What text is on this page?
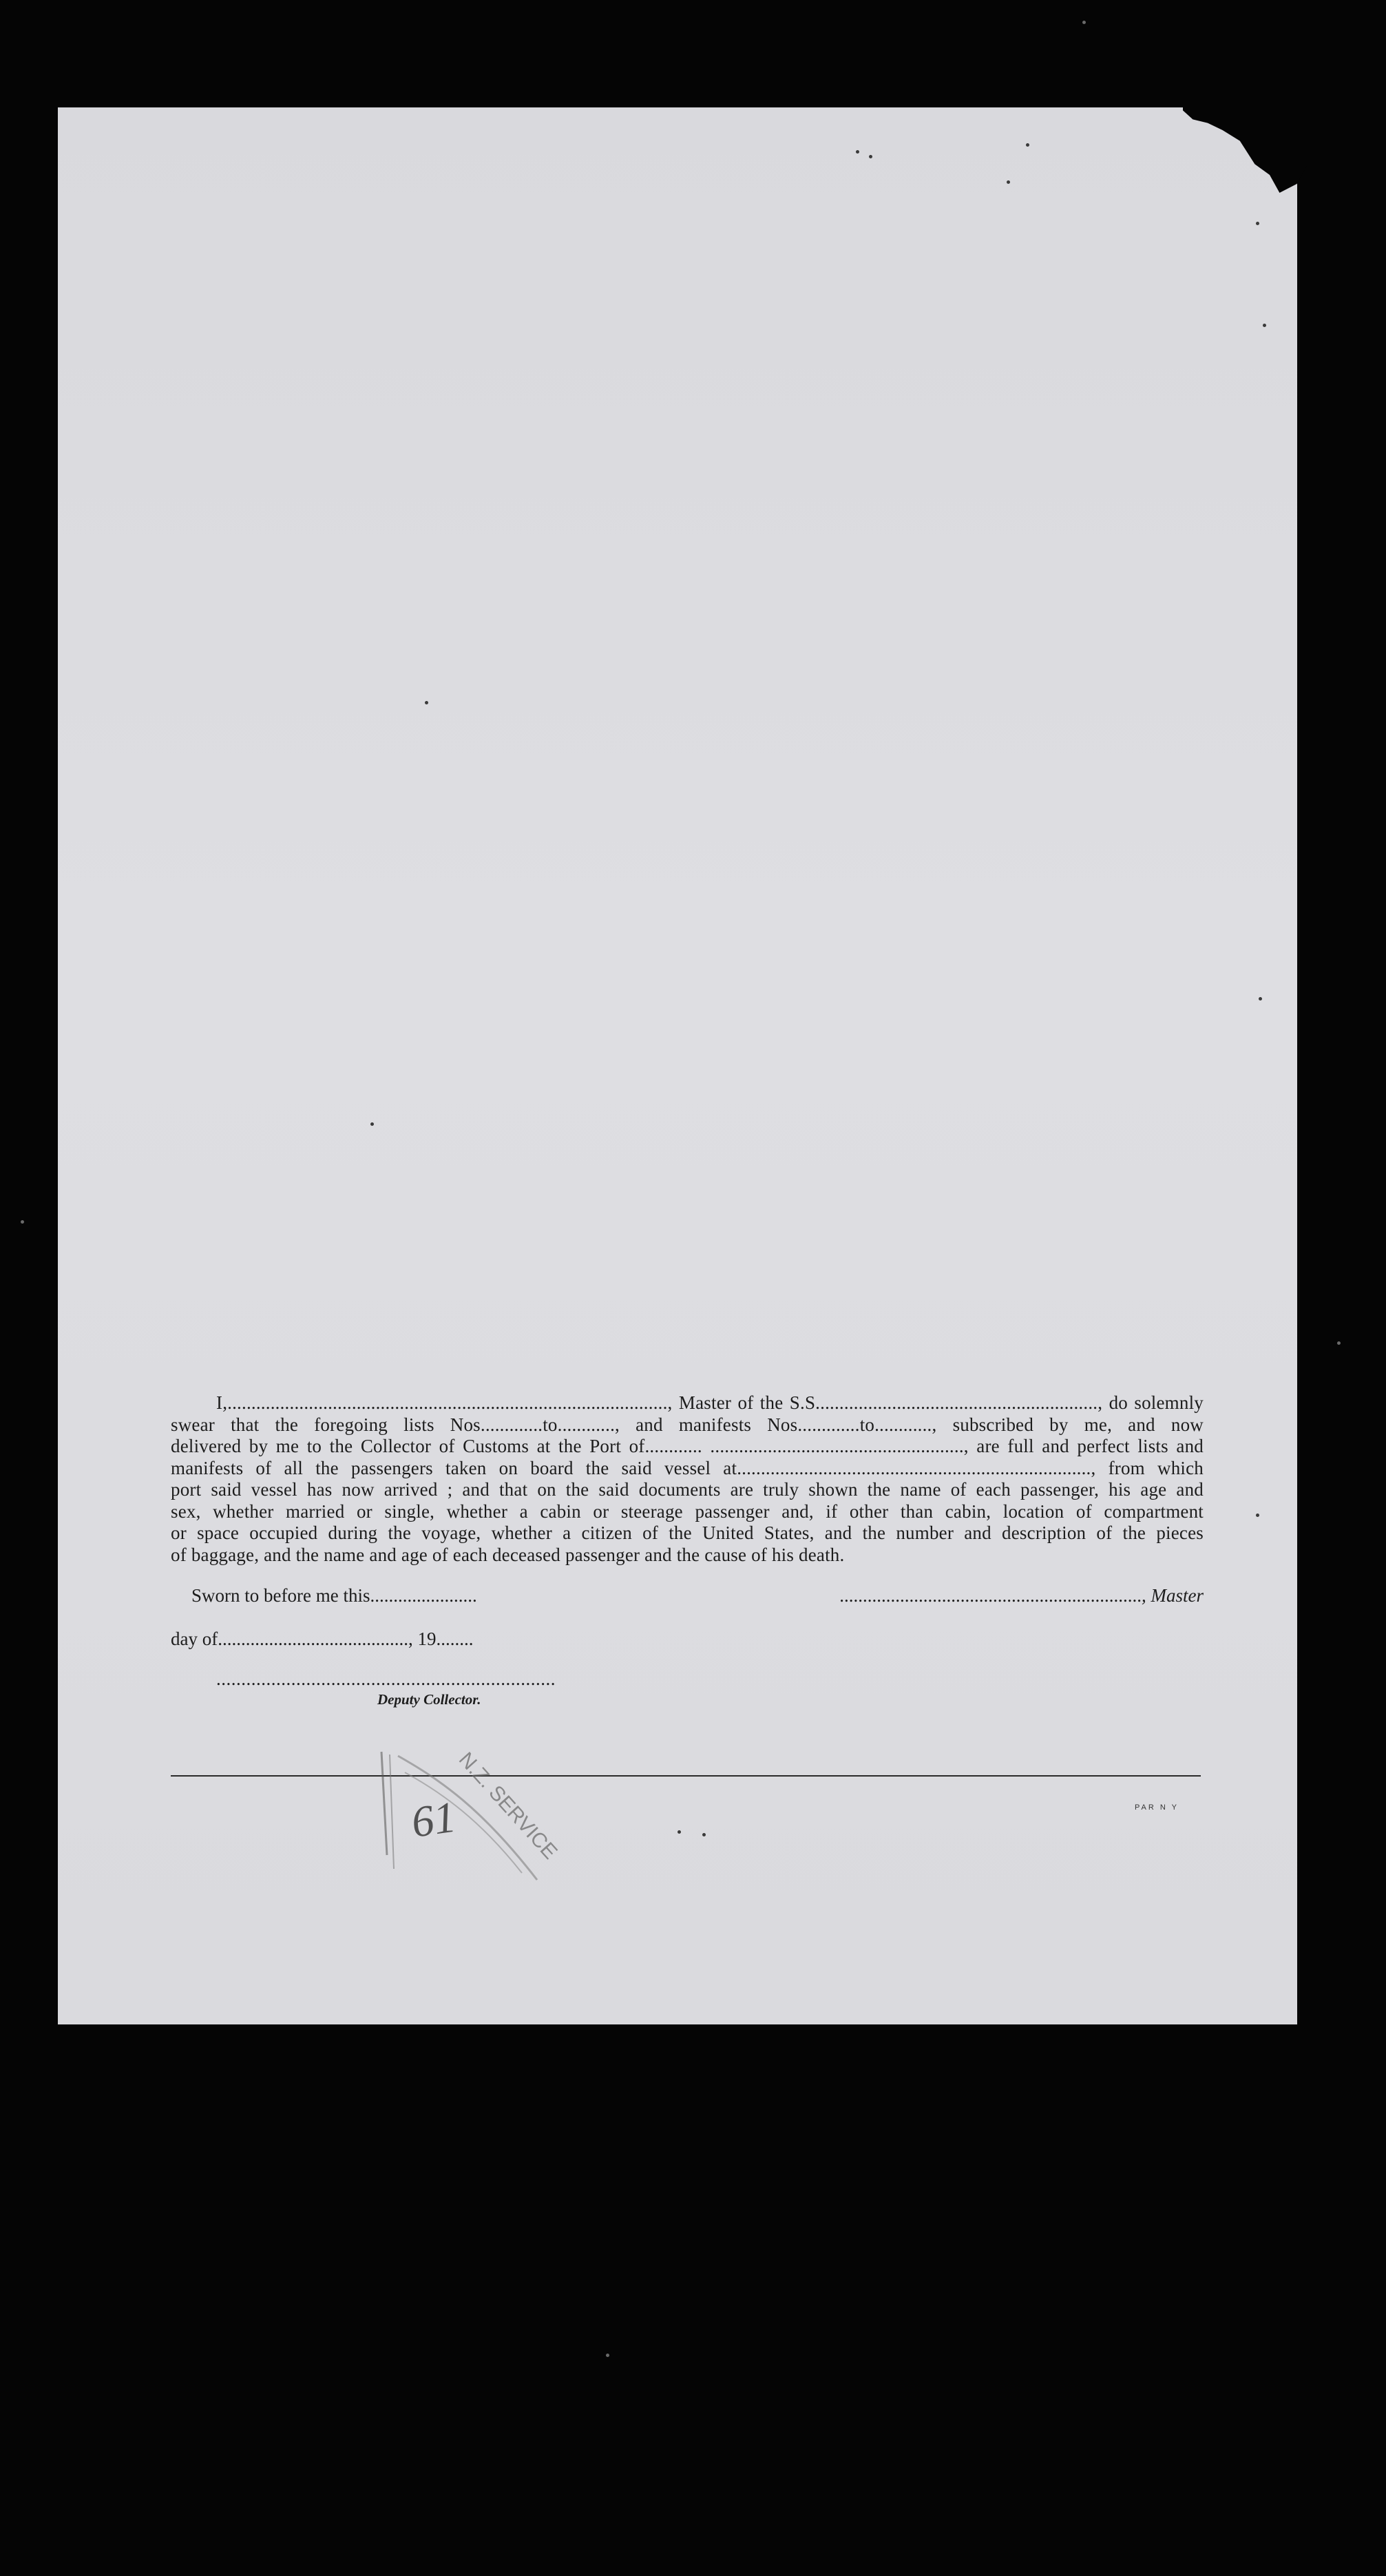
I,............................................................................................, Master of the S.S..........................................................., do solemnly
swear that the foregoing lists Nos.............to............, and manifests Nos.............to............, subscribed by me, and now
delivered by me to the Collector of Customs at the Port of............ ....................................................., are full and perfect lists and
manifests of all the passengers taken on board the said vessel at.........................................................................., from which
port said vessel has now arrived ; and that on the said documents are truly shown the name of each passenger, his age and
sex, whether married or single, whether a cabin or steerage passenger and, if other than cabin, location of compartment
or space occupied during the voyage, whether a citizen of the United States, and the number and description of the pieces
of baggage, and the name and age of each deceased passenger and the cause of his death.
Sworn to before me this.......................	................................................................., Master
day of........................................., 19........
....................................................................
Deputy Collector.
N.Z. SERVICE
61	PAR N Y
